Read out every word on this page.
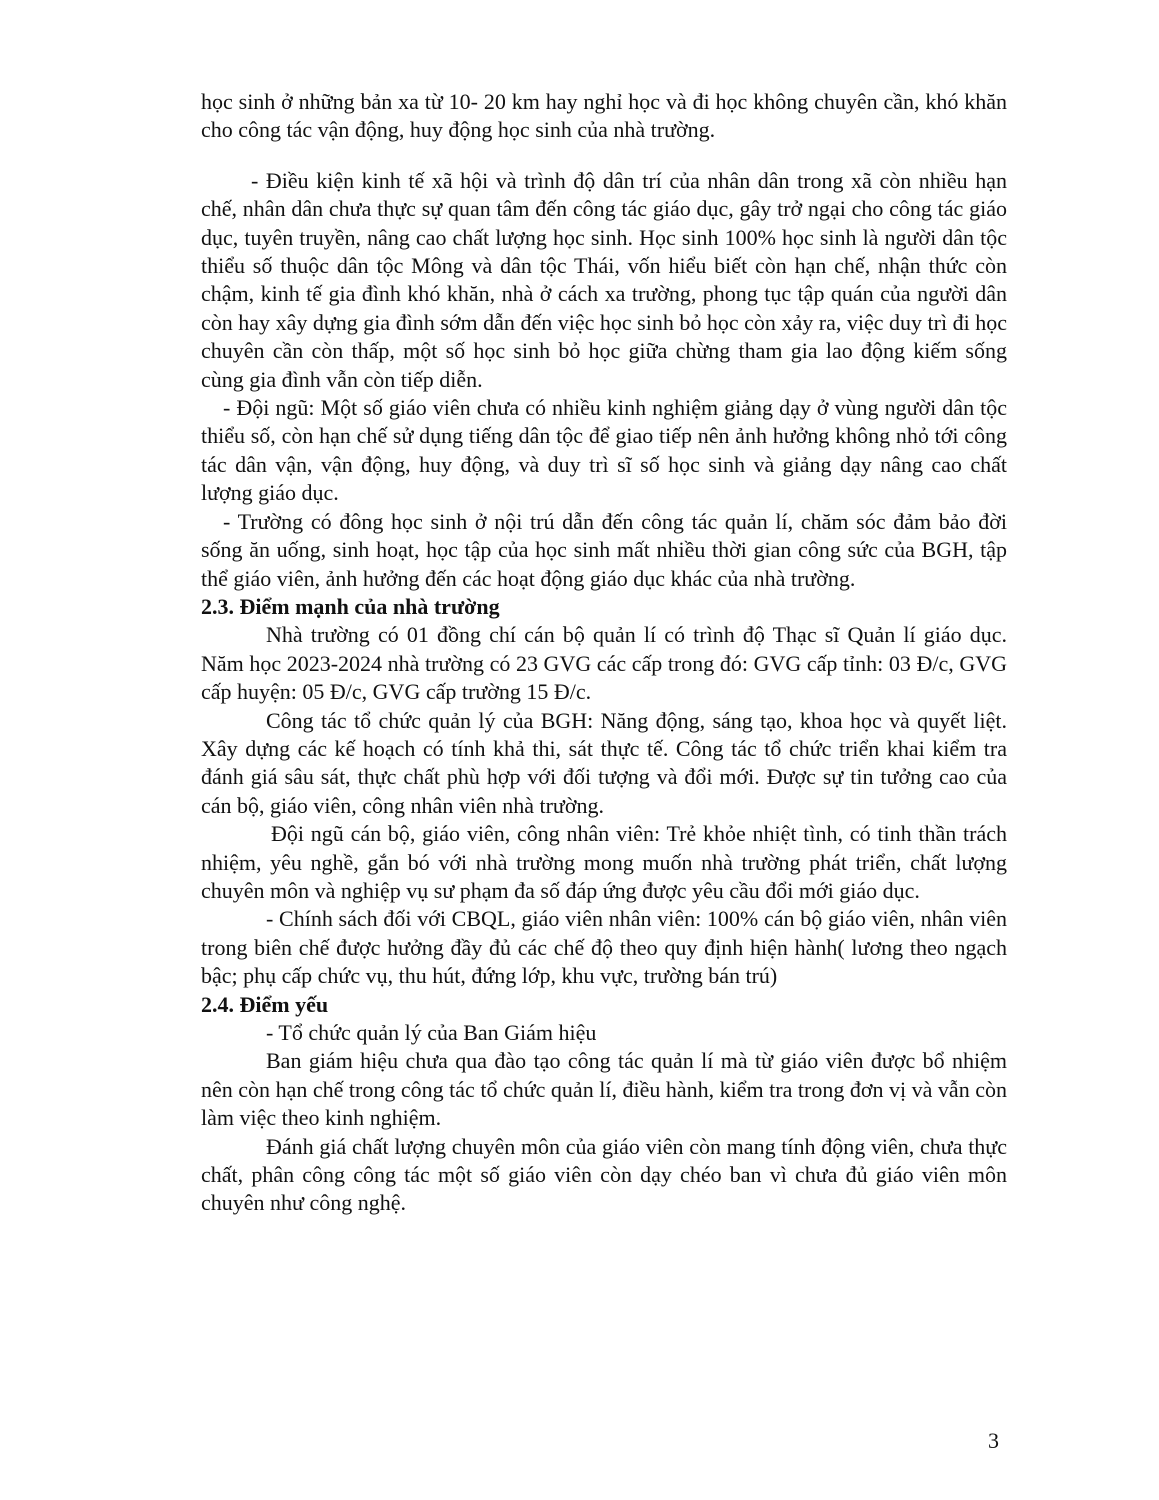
học sinh ở những bản xa từ 10- 20 km hay nghỉ học và đi học không chuyên cần, khó khăn cho công tác vận động, huy động học sinh của nhà trường.

- Điều kiện kinh tế xã hội và trình độ dân trí của nhân dân trong xã còn nhiều hạn chế, nhân dân chưa thực sự quan tâm đến công tác giáo dục, gây trở ngại cho công tác giáo dục, tuyên truyền, nâng cao chất lượng học sinh. Học sinh 100% học sinh là người dân tộc thiểu số thuộc dân tộc Mông và dân tộc Thái, vốn hiểu biết còn hạn chế, nhận thức còn chậm, kinh tế gia đình khó khăn, nhà ở cách xa trường, phong tục tập quán của người dân còn hay xây dựng gia đình sớm dẫn đến việc học sinh bỏ học còn xảy ra, việc duy trì đi học chuyên cần còn thấp, một số học sinh bỏ học giữa chừng tham gia lao động kiếm sống cùng gia đình vẫn còn tiếp diễn.

- Đội ngũ: Một số giáo viên chưa có nhiều kinh nghiệm giảng dạy ở vùng người dân tộc thiểu số, còn hạn chế sử dụng tiếng dân tộc để giao tiếp nên ảnh hưởng không nhỏ tới công tác dân vận, vận động, huy động, và duy trì sĩ số học sinh và giảng dạy nâng cao chất lượng giáo dục.

- Trường có đông học sinh ở nội trú dẫn đến công tác quản lí, chăm sóc đảm bảo đời sống ăn uống, sinh hoạt, học tập của học sinh mất nhiều thời gian công sức của BGH, tập thể giáo viên, ảnh hưởng đến các hoạt động giáo dục khác của nhà trường.

2.3. Điểm mạnh của nhà trường

Nhà trường có 01 đồng chí cán bộ quản lí có trình độ Thạc sĩ Quản lí giáo dục. Năm học 2023-2024 nhà trường có 23 GVG các cấp trong đó: GVG cấp tỉnh: 03 Đ/c, GVG cấp huyện: 05 Đ/c, GVG cấp trường 15 Đ/c.

Công tác tổ chức quản lý của BGH: Năng động, sáng tạo, khoa học và quyết liệt. Xây dựng các kế hoạch có tính khả thi, sát thực tế. Công tác tổ chức triển khai kiểm tra đánh giá sâu sát, thực chất phù hợp với đối tượng và đổi mới. Được sự tin tưởng cao của cán bộ, giáo viên, công nhân viên nhà trường.

Đội ngũ cán bộ, giáo viên, công nhân viên: Trẻ khỏe nhiệt tình, có tinh thần trách nhiệm, yêu nghề, gắn bó với nhà trường mong muốn nhà trường phát triển, chất lượng chuyên môn và nghiệp vụ sư phạm đa số đáp ứng được yêu cầu đổi mới giáo dục.

- Chính sách đối với CBQL, giáo viên nhân viên: 100% cán bộ giáo viên, nhân viên trong biên chế được hưởng đầy đủ các chế độ theo quy định hiện hành( lương theo ngạch bậc; phụ cấp chức vụ, thu hút, đứng lớp, khu vực, trường bán trú)

2.4. Điểm yếu

- Tổ chức quản lý của Ban Giám hiệu

Ban giám hiệu chưa qua đào tạo công tác quản lí mà từ giáo viên được bổ nhiệm nên còn hạn chế trong công tác tổ chức quản lí, điều hành, kiểm tra trong đơn vị và vẫn còn làm việc theo kinh nghiệm.

Đánh giá chất lượng chuyên môn của giáo viên còn mang tính động viên, chưa thực chất, phân công công tác một số giáo viên còn dạy chéo ban vì chưa đủ giáo viên môn chuyên như công nghệ.

3
